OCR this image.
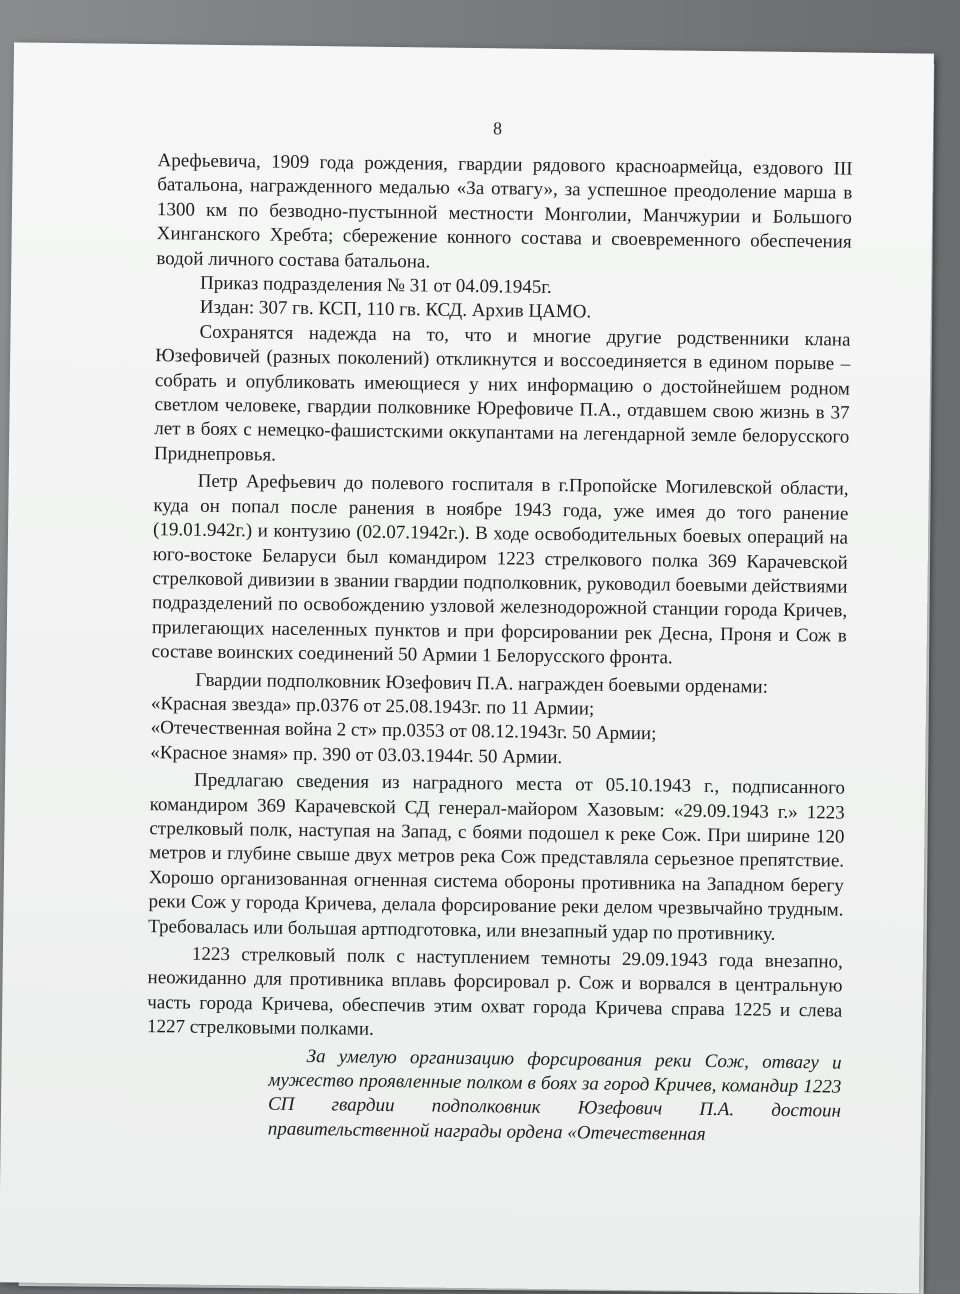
8

Арефьевича, 1909 года рождения, гвардии рядового красноармейца, ездового III батальона, награжденного медалью «За отвагу», за успешное преодоление марша в 1300 км по безводно-пустынной местности Монголии, Манчжурии и Большого Хинганского Хребта; сбережение конного состава и своевременного обеспечения водой личного состава батальона.

Приказ подразделения № 31 от 04.09.1945г.

Издан: 307 гв. КСП, 110 гв. КСД. Архив ЦАМО.

Сохранятся надежда на то, что и многие другие родственники клана Юзефовичей (разных поколений) откликнутся и воссоединяется в едином порыве – собрать и опубликовать имеющиеся у них информацию о достойнейшем родном светлом человеке, гвардии полковнике Юрефовиче П.А., отдавшем свою жизнь в 37 лет в боях с немецко-фашистскими оккупантами на легендарной земле белорусского Приднепровья.

Петр Арефьевич до полевого госпиталя в г.Пропойске Могилевской области, куда он попал после ранения в ноябре 1943 года, уже имея до того ранение (19.01.942г.) и контузию (02.07.1942г.). В ходе освободительных боевых операций на юго-востоке Беларуси был командиром 1223 стрелкового полка 369 Карачевской стрелковой дивизии в звании гвардии подполковник, руководил боевыми действиями подразделений по освобождению узловой железнодорожной станции города Кричев, прилегающих населенных пунктов и при форсировании рек Десна, Проня и Сож в составе воинских соединений 50 Армии 1 Белорусского фронта.

Гвардии подполковник Юзефович П.А. награжден боевыми орденами:

«Красная звезда» пр.0376 от 25.08.1943г. по 11 Армии;

«Отечественная война 2 ст» пр.0353 от 08.12.1943г. 50 Армии;

«Красное знамя» пр. 390 от 03.03.1944г. 50 Армии.

Предлагаю сведения из наградного места от 05.10.1943 г., подписанного командиром 369 Карачевской СД генерал-майором Хазовым: «29.09.1943 г.» 1223 стрелковый полк, наступая на Запад, с боями подошел к реке Сож. При ширине 120 метров и глубине свыше двух метров река Сож представляла серьезное препятствие. Хорошо организованная огненная система обороны противника на Западном берегу реки Сож у города Кричева, делала форсирование реки делом чрезвычайно трудным. Требовалась или большая артподготовка, или внезапный удар по противнику.

1223 стрелковый полк с наступлением темноты 29.09.1943 года внезапно, неожиданно для противника вплавь форсировал р. Сож и ворвался в центральную часть города Кричева, обеспечив этим охват города Кричева справа 1225 и слева 1227 стрелковыми полками.

За умелую организацию форсирования реки Сож, отвагу и мужество проявленные полком в боях за город Кричев, командир 1223 СП гвардии подполковник Юзефович П.А. достоин правительственной награды ордена «Отечественная
